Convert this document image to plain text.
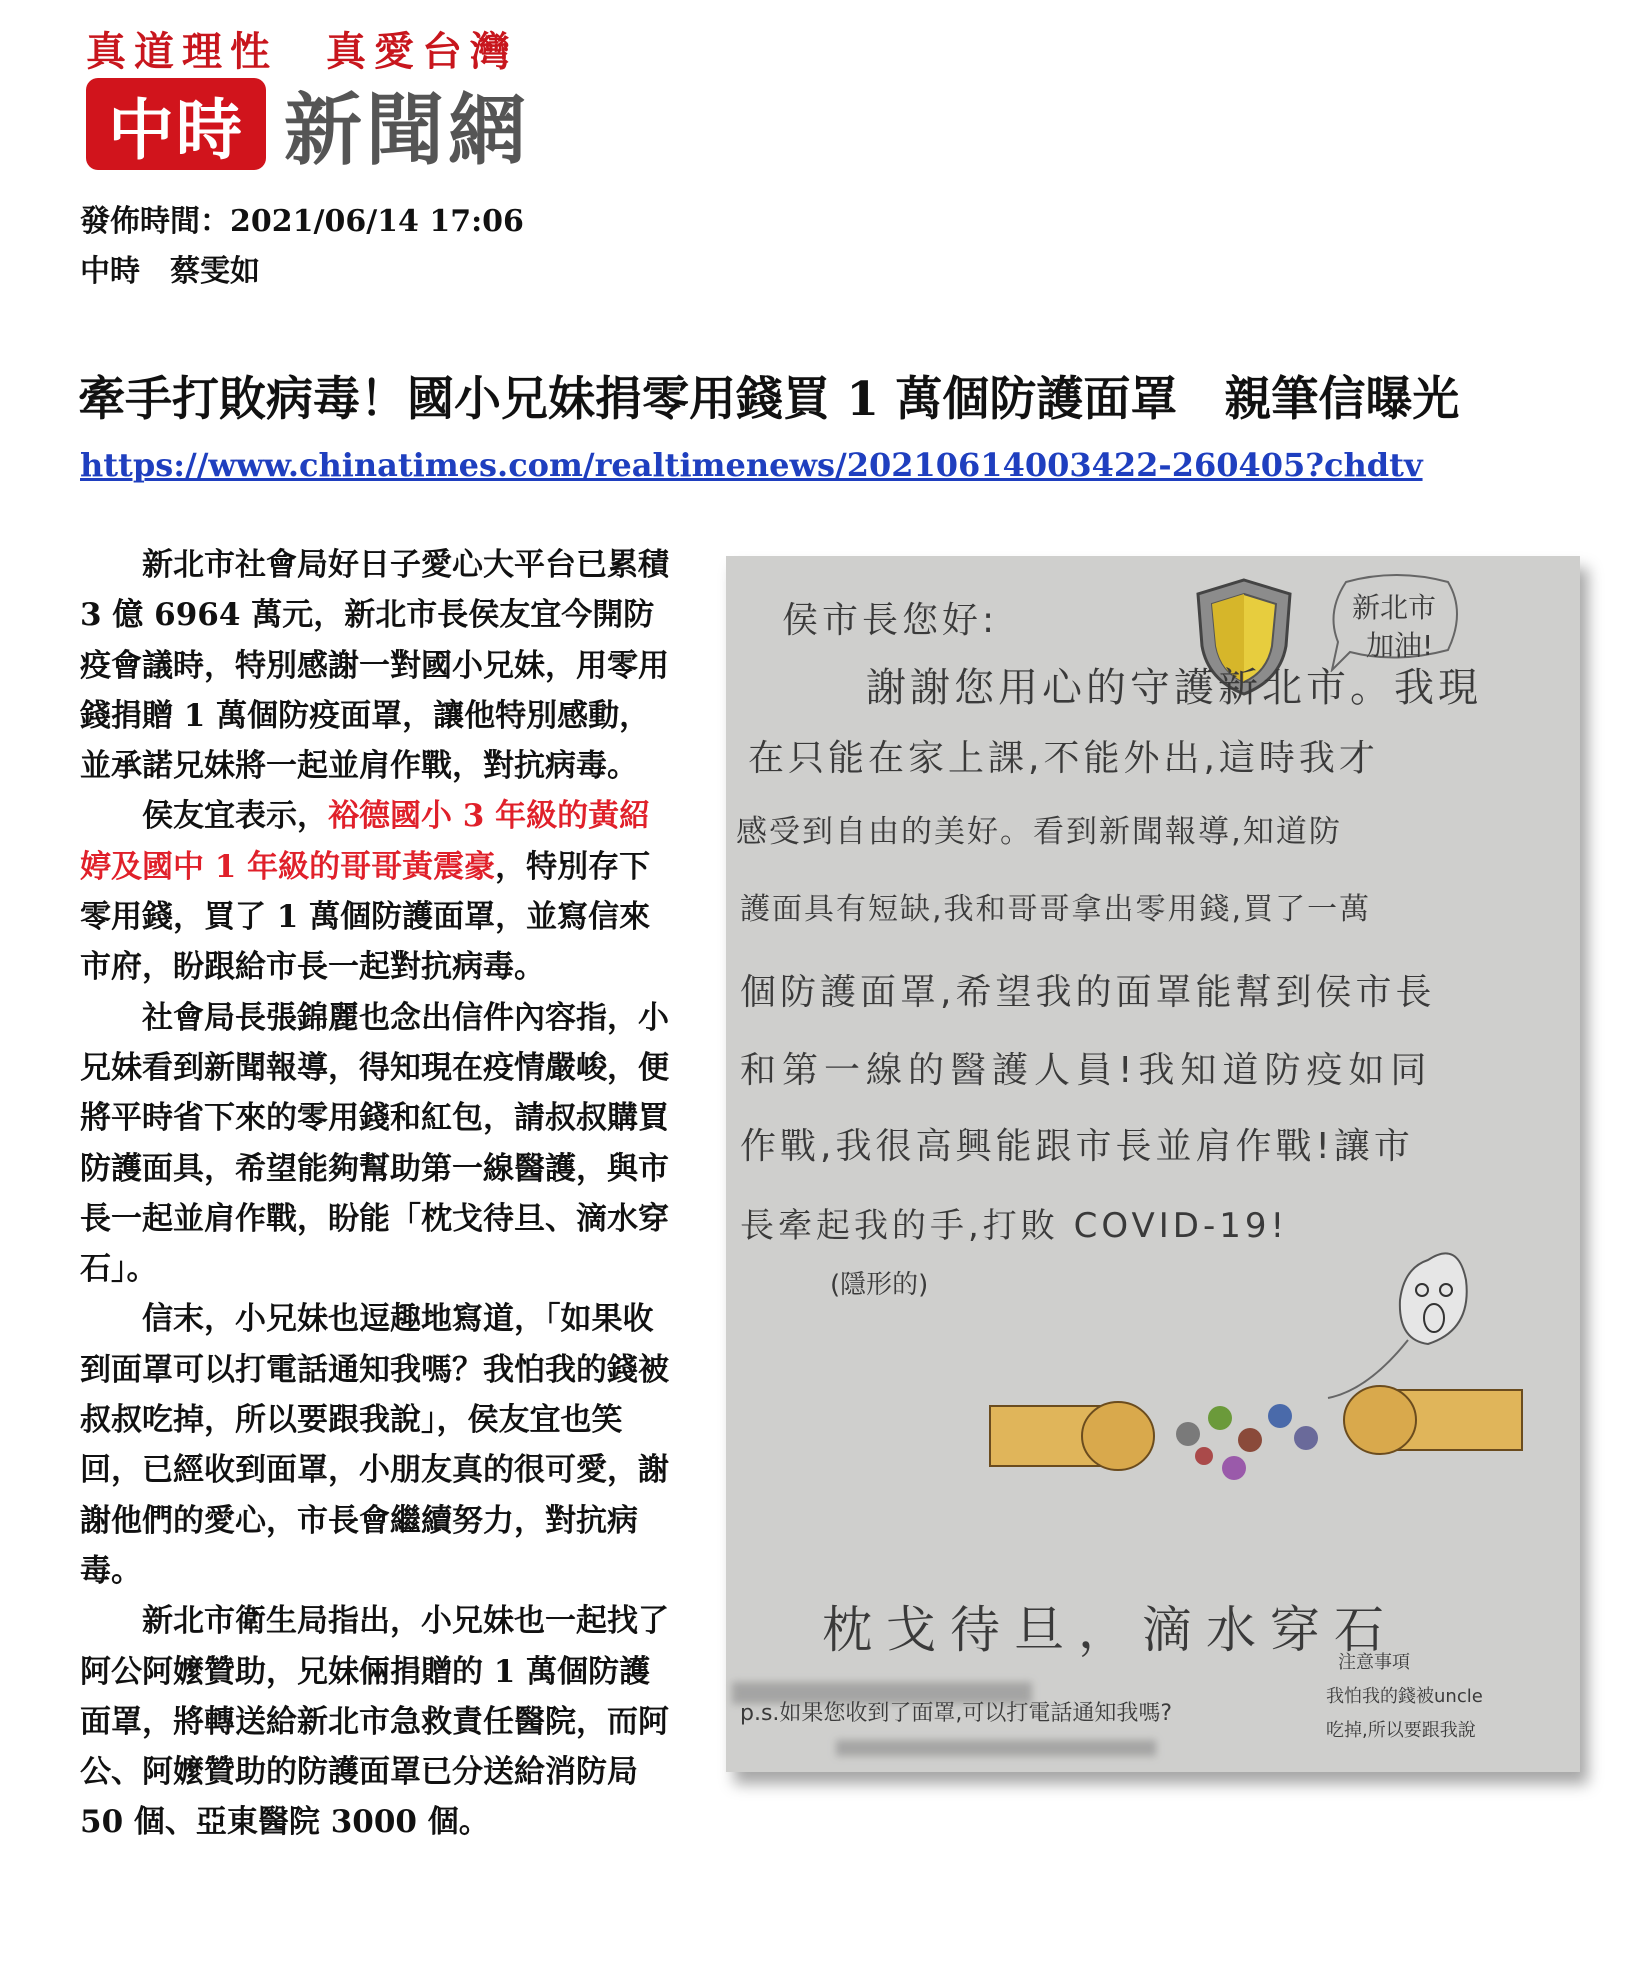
真道理性　真愛台灣
中時 新聞網
發佈時間：2021/06/14 17:06
中時　蔡雯如
牽手打敗病毒！國小兄妹捐零用錢買 1 萬個防護面罩　親筆信曝光
https://www.chinatimes.com/realtimenews/20210614003422-260405?chdtv

新北市社會局好日子愛心大平台已累積 3 億 6964 萬元，新北市長侯友宜今開防疫會議時，特別感謝一對國小兄妹，用零用錢捐贈 1 萬個防疫面罩，讓他特別感動，並承諾兄妹將一起並肩作戰，對抗病毒。

侯友宜表示，裕德國小 3 年級的黃紹婷及國中 1 年級的哥哥黃震豪，特別存下零用錢，買了 1 萬個防護面罩，並寫信來市府，盼跟給市長一起對抗病毒。

社會局長張錦麗也念出信件內容指，小兄妹看到新聞報導，得知現在疫情嚴峻，便將平時省下來的零用錢和紅包，請叔叔購買防護面具，希望能夠幫助第一線醫護，與市長一起並肩作戰，盼能「枕戈待旦、滴水穿石」。

信末，小兄妹也逗趣地寫道，「如果收到面罩可以打電話通知我嗎？我怕我的錢被叔叔吃掉，所以要跟我說」，侯友宜也笑回，已經收到面罩，小朋友真的很可愛，謝謝他們的愛心，市長會繼續努力，對抗病毒。

新北市衛生局指出，小兄妹也一起找了阿公阿嬤贊助，兄妹倆捐贈的 1 萬個防護面罩，將轉送給新北市急救責任醫院，而阿公、阿嬤贊助的防護面罩已分送給消防局 50 個、亞東醫院 3000 個。

侯市長您好:	新北市
加油!
謝謝您用心的守護新北市。我現
在只能在家上課,不能外出,這時我才
感受到自由的美好。看到新聞報導,知道防
護面具有短缺,我和哥哥拿出零用錢,買了一萬
個防護面罩,希望我的面罩能幫到侯市長
和第一線的醫護人員!我知道防疫如同
作戰,我很高興能跟市長並肩作戰!讓市
長牽起我的手,打敗 COVID-19!
(隱形的)
枕戈待旦，滴水穿石
p.s.如果您收到了面罩,可以打電話通知我嗎?
注意事項
我怕我的錢被uncle
吃掉,所以要跟我說
